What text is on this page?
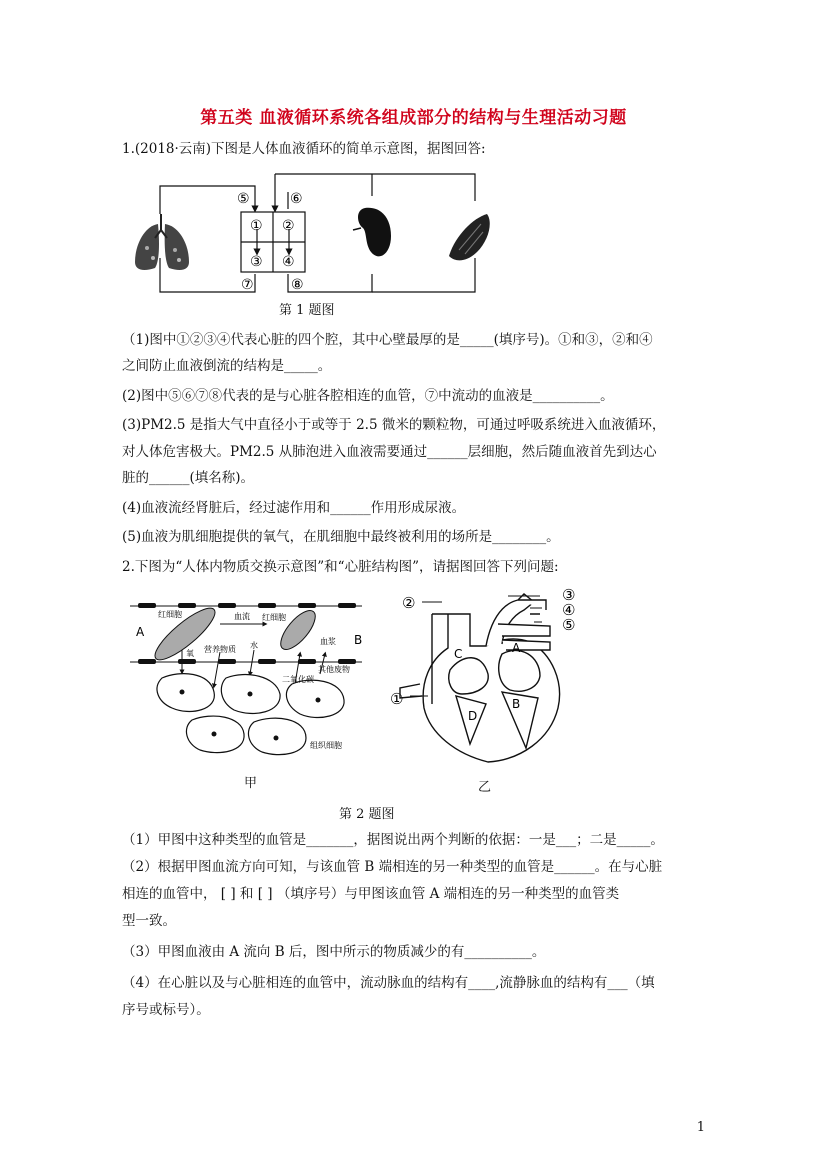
第五类 血液循环系统各组成部分的结构与生理活动习题
1.(2018·云南)下图是人体血液循环的简单示意图，据图回答:
⑤	⑥
① ②
③ ④
⑦	⑧
第 1 题图
（1)图中①②③④代表心脏的四个腔，其中心壁最厚的是_____(填序号)。①和③，②和④
之间防止血液倒流的结构是_____。
(2)图中⑤⑥⑦⑧代表的是与心脏各腔相连的血管，⑦中流动的血液是__________。
(3)PM2.5 是指大气中直径小于或等于 2.5 微米的颗粒物，可通过呼吸系统进入血液循环，
对人体危害极大。PM2.5 从肺泡进入血液需要通过______层细胞，然后随血液首先到达心
脏的______(填名称)。
(4)血液流经肾脏后，经过滤作用和______作用形成尿液。
(5)血液为肌细胞提供的氧气，在肌细胞中最终被利用的场所是________。
2.下图为“人体内物质交换示意图”和“心脏结构图”，请据图回答下列问题:
红细胞	血流 红细胞
A
B
氧 营养物质 水	血浆
二氧化碳
其他废物
组织细胞
②	③
④
⑤
①
C	A
D
B
甲	乙
第 2 题图
（1）甲图中这种类型的血管是_______，据图说出两个判断的依据：一是___；二是_____。
（2）根据甲图血流方向可知，与该血管 B 端相连的另一种类型的血管是______。在与心脏
相连的血管中， [ ] 和 [ ] （填序号）与甲图该血管 A 端相连的另一种类型的血管类
型一致。
（3）甲图血液由 A 流向 B 后，图中所示的物质减少的有__________。
（4）在心脏以及与心脏相连的血管中，流动脉血的结构有____,流静脉血的结构有___（填
序号或标号）。
1
